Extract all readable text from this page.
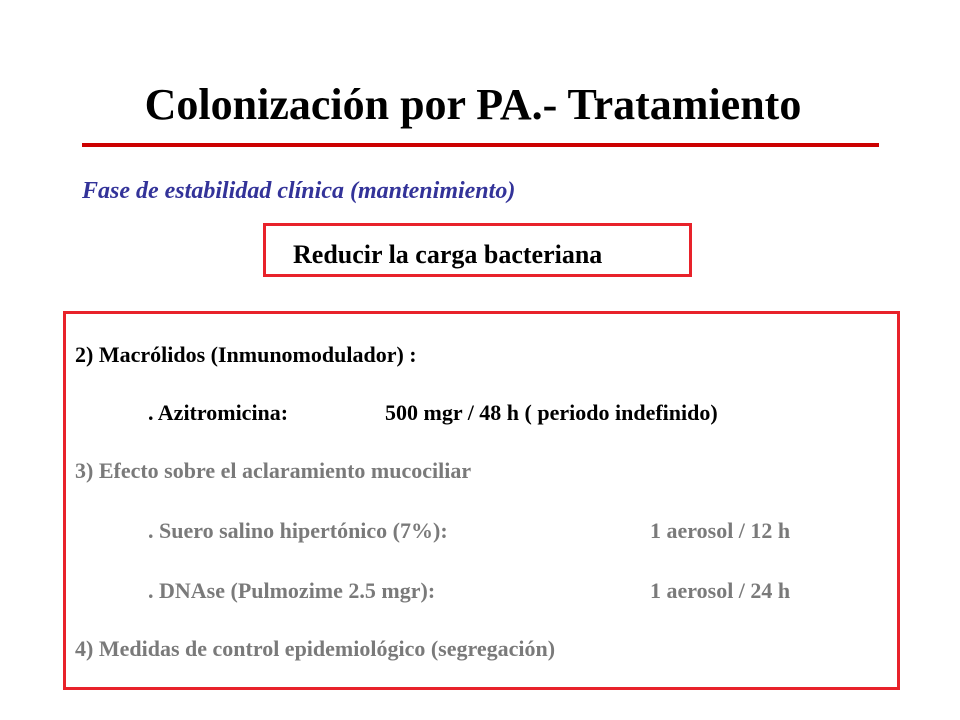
Colonización por PA.- Tratamiento
Fase de estabilidad clínica (mantenimiento)
Reducir la carga bacteriana
2) Macrólidos (Inmunomodulador) :
. Azitromicina:	500 mgr / 48 h ( periodo indefinido)
3) Efecto sobre el aclaramiento mucociliar
. Suero salino hipertónico (7%):	1 aerosol / 12 h
. DNAse (Pulmozime 2.5 mgr):	1 aerosol / 24 h
4) Medidas de control epidemiológico (segregación)
